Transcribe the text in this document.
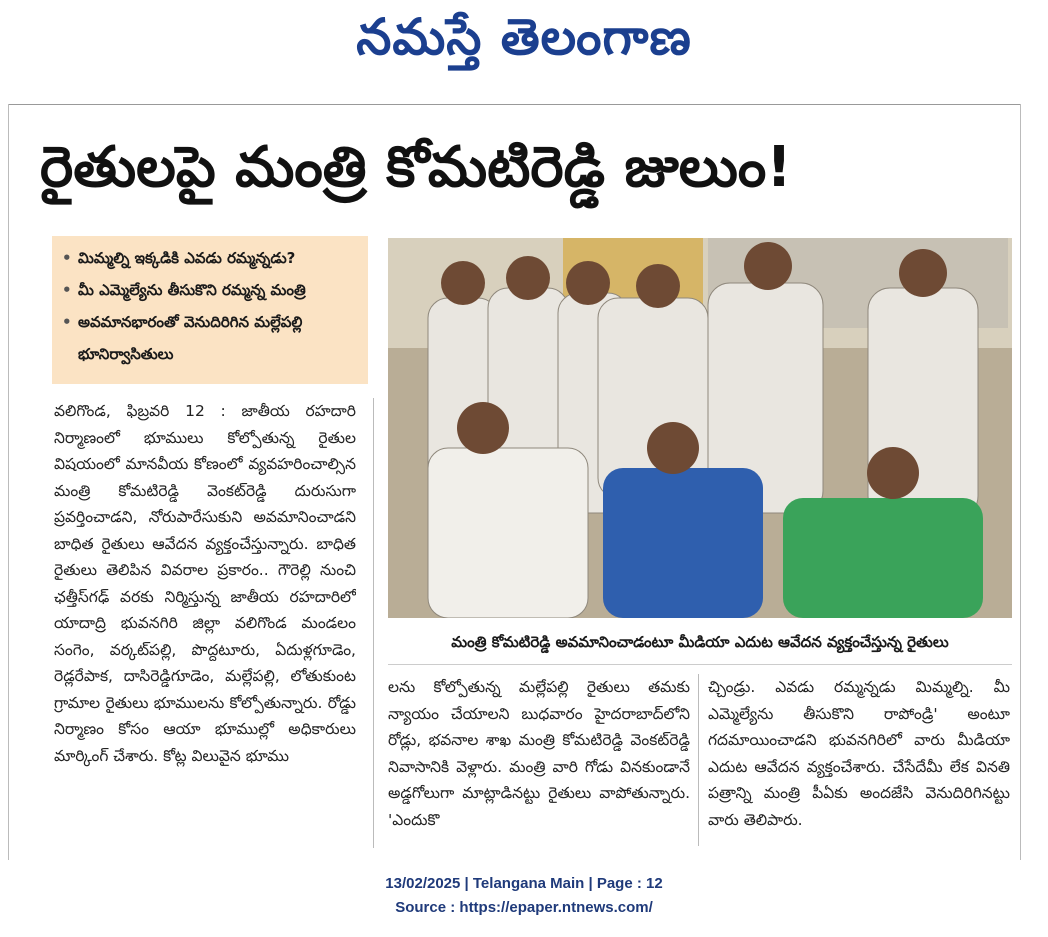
నమస్తే తెలంగాణ
రైతులపై మంత్రి కోమటిరెడ్డి జులుం!
• మిమ్మల్ని ఇక్కడికి ఎవడు రమ్మన్నడు?
• మీ ఎమ్మెల్యేను తీసుకొని రమ్మన్న మంత్రి
• అవమానభారంతో వెనుదిరిగిన మల్లేపల్లి భూనిర్వాసితులు
వలిగొండ, ఫిబ్రవరి 12 : జాతీయ రహదారి నిర్మాణంలో భూములు కోల్పోతున్న రైతుల విషయంలో మానవీయ కోణంలో వ్యవహరించాల్సిన మంత్రి కోమటిరెడ్డి వెంకట్‌రెడ్డి దురుసుగా ప్రవర్తించాడని, నోరుపారేసుకుని అవమానించాడని బాధిత రైతులు ఆవేదన వ్యక్తంచేస్తున్నారు. బాధిత రైతులు తెలిపిన వివరాల ప్రకారం.. గౌరెల్లి నుంచి ఛత్తీస్‌గఢ్ వరకు నిర్మిస్తున్న జాతీయ రహదారిలో యాదాద్రి భువనగిరి జిల్లా వలిగొండ మండలం సంగెం, వర్కట్‌పల్లి, పొద్దటూరు, ఏదుళ్లగూడెం, రెడ్లరేపాక, దాసిరెడ్డిగూడెం, మల్లేపల్లి, లోతుకుంట గ్రామాల రైతులు భూములను కోల్పోతున్నారు. రోడ్డు నిర్మాణం కోసం ఆయా భూముల్లో అధికారులు మార్కింగ్ చేశారు. కోట్ల విలువైన భూము
మంత్రి కోమటిరెడ్డి అవమానించాడంటూ మీడియా ఎదుట ఆవేదన వ్యక్తంచేస్తున్న రైతులు
లను కోల్పోతున్న మల్లేపల్లి రైతులు తమకు న్యాయం చేయాలని బుధవారం హైదరాబాద్‌లోని రోడ్లు, భవనాల శాఖ మంత్రి కోమటిరెడ్డి వెంకట్‌రెడ్డి నివాసానికి వెళ్లారు. మంత్రి వారి గోడు వినకుండానే అడ్డగోలుగా మాట్లాడినట్టు రైతులు వాపోతున్నారు. 'ఎందుకొ
చ్చిండ్రు. ఎవడు రమ్మన్నడు మిమ్మల్ని. మీ ఎమ్మెల్యేను తీసుకొని రాపోండ్రి' అంటూ గదమాయించాడని భువనగిరిలో వారు మీడియా ఎదుట ఆవేదన వ్యక్తంచేశారు. చేసేదేమీ లేక వినతి పత్రాన్ని మంత్రి పీఏకు అందజేసి వెనుదిరిగినట్టు వారు తెలిపారు.
13/02/2025 | Telangana Main | Page : 12
Source : https://epaper.ntnews.com/
